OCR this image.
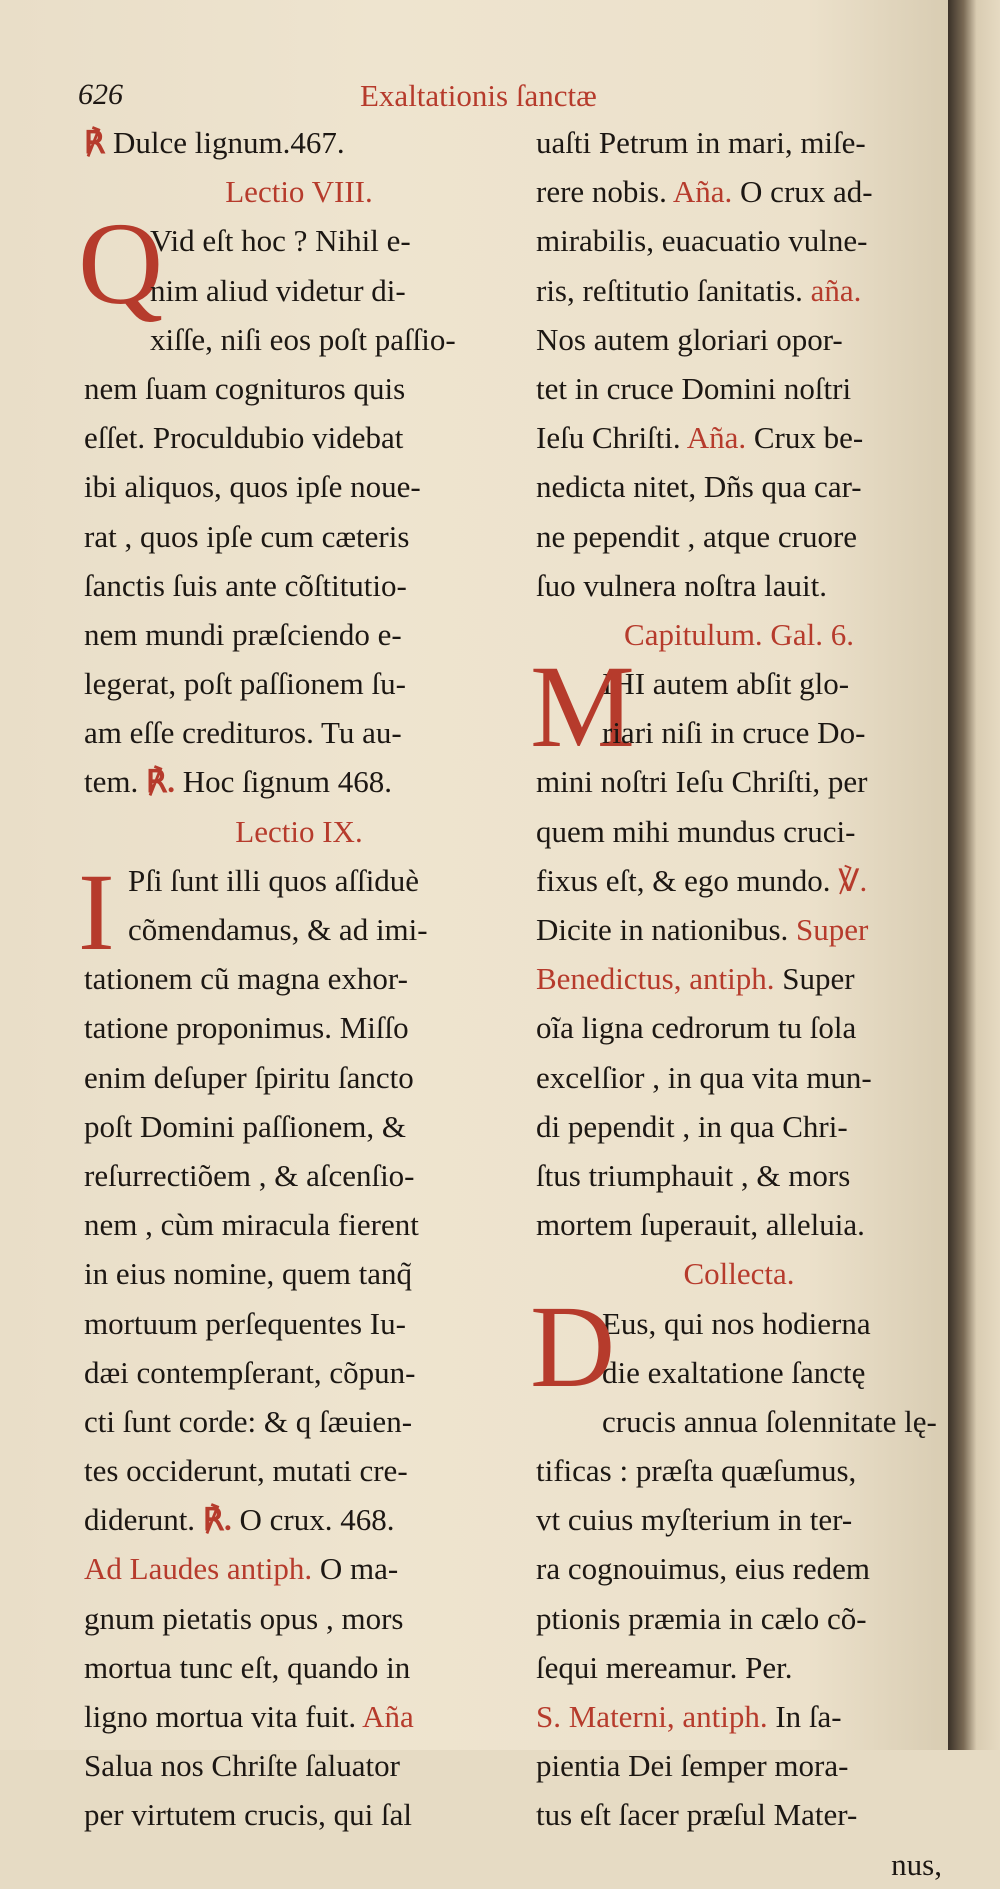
626	Exaltationis ſanctæ
℟ Dulce lignum.467.
Lectio VIII.
Q
Vid eſt hoc ? Nihil e-
nim aliud videtur di-
xiſſe, niſi eos poſt paſſio-
nem ſuam cognituros quis
eſſet. Proculdubio videbat
ibi aliquos, quos ipſe noue-
rat , quos ipſe cum cæteris
ſanctis ſuis ante cõſtitutio-
nem mundi præſciendo e-
legerat, poſt paſſionem ſu-
am eſſe credituros. Tu au-
tem. ℟. Hoc ſignum 468.
Lectio IX.
I Pſi ſunt illi quos aſſiduè
cõmendamus, & ad imi-
tationem cũ magna exhor-
tatione proponimus. Miſſo
enim deſuper ſpiritu ſancto
poſt Domini paſſionem, &
reſurrectiõem , & aſcenſio-
nem , cùm miracula fierent
in eius nomine, quem tanq̃
mortuum perſequentes Iu-
dæi contempſerant, cõpun-
cti ſunt corde: & q ſæuien-
tes occiderunt, mutati cre-
diderunt. ℟. O crux. 468.
Ad Laudes antiph. O ma-
gnum pietatis opus , mors
mortua tunc eſt, quando in
ligno mortua vita fuit. Aña
Salua nos Chriſte ſaluator
per virtutem crucis, qui ſal
uaſti Petrum in mari, miſe-
rere nobis. Aña. O crux ad-
mirabilis, euacuatio vulne-
ris, reſtitutio ſanitatis. aña.
Nos autem gloriari opor-
tet in cruce Domini noſtri
Ieſu Chriſti. Aña. Crux be-
nedicta nitet, Dñs qua car-
ne pependit , atque cruore
ſuo vulnera noſtra lauit.
Capitulum. Gal. 6.
M
IHI autem abſit glo-
riari niſi in cruce Do-
mini noſtri Ieſu Chriſti, per
quem mihi mundus cruci-
fixus eſt, & ego mundo. ℣.
Dicite in nationibus. Super
Benedictus, antiph. Super
oĩa ligna cedrorum tu ſola
excelſior , in qua vita mun-
di pependit , in qua Chri-
ſtus triumphauit , & mors
mortem ſuperauit, alleluia.
Collecta.
D
Eus, qui nos hodierna
die exaltatione ſanctę
crucis annua ſolennitate lę-
tificas : præſta quæſumus,
vt cuius myſterium in ter-
ra cognouimus, eius redem
ptionis præmia in cælo cõ-
ſequi mereamur. Per.
S. Materni, antiph. In ſa-
pientia Dei ſemper mora-
tus eſt ſacer præſul Mater-
nus,
